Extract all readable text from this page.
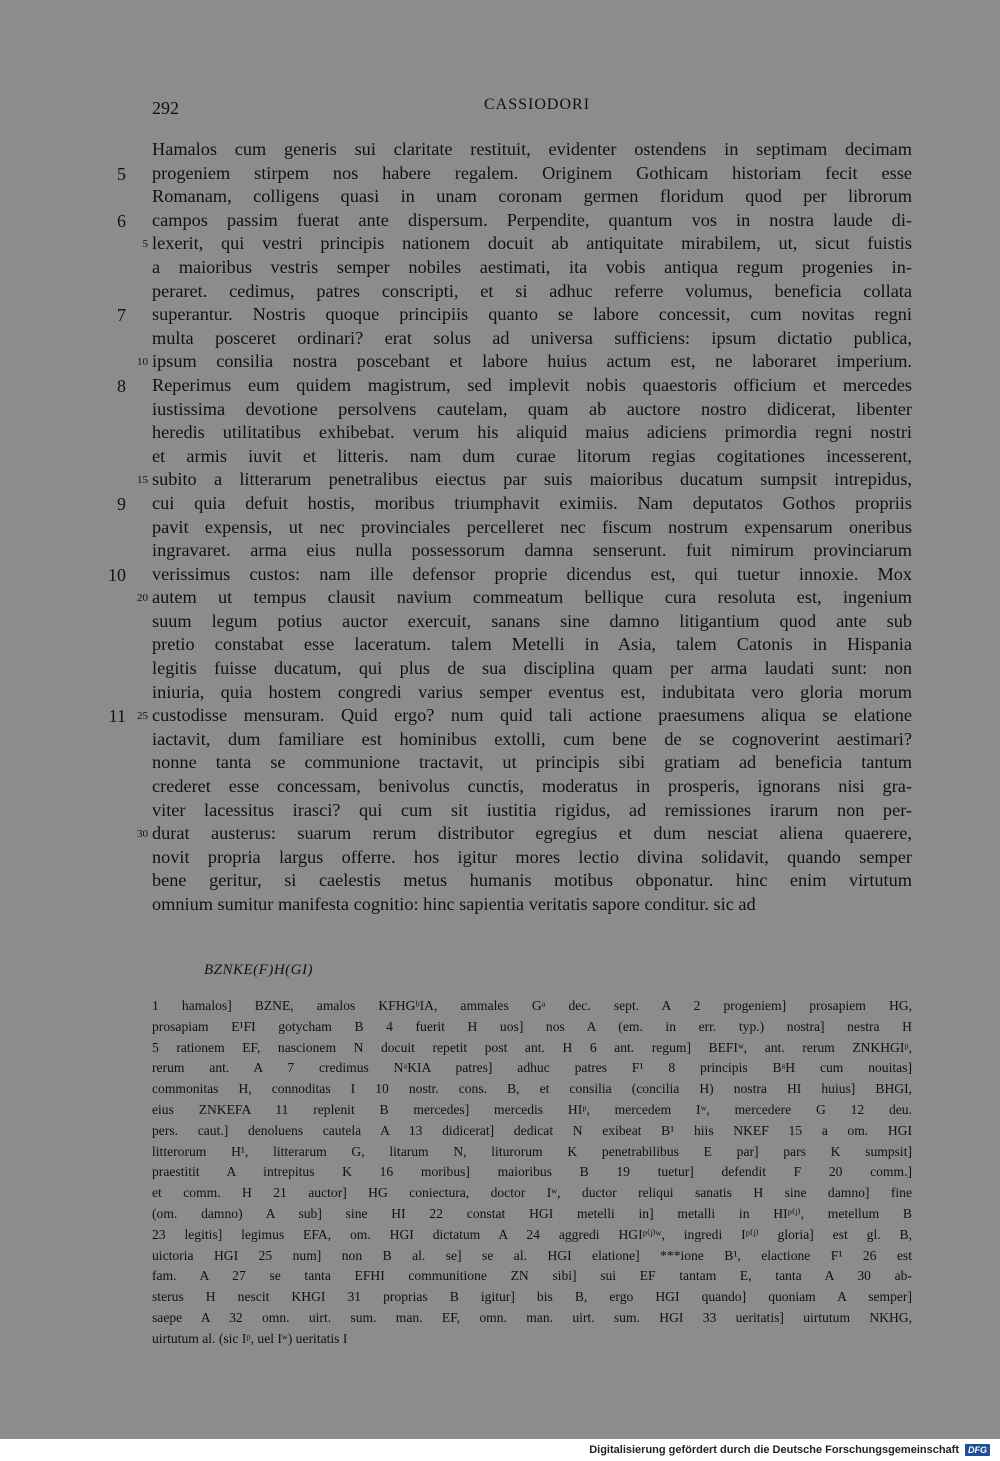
292	CASSIODORI
Hamalos cum generis sui claritate restituit, evidenter ostendens in septimam decimam
progeniem stirpem nos habere regalem. Originem Gothicam historiam fecit esse
Romanam, colligens quasi in unam coronam germen floridum quod per librorum
campos passim fuerat ante dispersum. Perpendite, quantum vos in nostra laude di-
lexerit, qui vestri principis nationem docuit ab antiquitate mirabilem, ut, sicut fuistis
a maioribus vestris semper nobiles aestimati, ita vobis antiqua regum progenies in-
peraret. cedimus, patres conscripti, et si adhuc referre volumus, beneficia collata
superantur. Nostris quoque principiis quanto se labore concessit, cum novitas regni
multa posceret ordinari? erat solus ad universa sufficiens: ipsum dictatio publica,
ipsum consilia nostra poscebant et labore huius actum est, ne laboraret imperium.
Reperimus eum quidem magistrum, sed implevit nobis quaestoris officium et mercedes
iustissima devotione persolvens cautelam, quam ab auctore nostro didicerat, libenter
heredis utilitatibus exhibebat. verum his aliquid maius adiciens primordia regni nostri
et armis iuvit et litteris. nam dum curae litorum regias cogitationes incesserent,
subito a litterarum penetralibus eiectus par suis maioribus ducatum sumpsit intrepidus,
cui quia defuit hostis, moribus triumphavit eximiis. Nam deputatos Gothos propriis
pavit expensis, ut nec provinciales percelleret nec fiscum nostrum expensarum oneribus
ingravaret. arma eius nulla possessorum damna senserunt. fuit nimirum provinciarum
verissimus custos: nam ille defensor proprie dicendus est, qui tuetur innoxie. Mox
autem ut tempus clausit navium commeatum bellique cura resoluta est, ingenium
suum legum potius auctor exercuit, sanans sine damno litigantium quod ante sub
pretio constabat esse laceratum. talem Metelli in Asia, talem Catonis in Hispania
legitis fuisse ducatum, qui plus de sua disciplina quam per arma laudati sunt: non
iniuria, quia hostem congredi varius semper eventus est, indubitata vero gloria morum
custodisse mensuram. Quid ergo? num quid tali actione praesumens aliqua se elatione
iactavit, dum familiare est hominibus extolli, cum bene de se cognoverint aestimari?
nonne tanta se communione tractavit, ut principis sibi gratiam ad beneficia tantum
crederet esse concessam, benivolus cunctis, moderatus in prosperis, ignorans nisi gra-
viter lacessitus irasci? qui cum sit iustitia rigidus, ad remissiones irarum non per-
durat austerus: suarum rerum distributor egregius et dum nesciat aliena quaerere,
novit propria largus offerre. hos igitur mores lectio divina solidavit, quando semper
bene geritur, si caelestis metus humanis motibus obponatur. hinc enim virtutum
omnium sumitur manifesta cognitio: hinc sapientia veritatis sapore conditur. sic ad
5
6
7
8
9
10
11
5
10
15
20
25
30
BZNKE(F)H(GI)
1 hamalos] BZNE, amalos KFHGᵇIA, ammales Gᵃ dec. sept. A 2 progeniem] prosapiem HG,
prosapiam E¹FI gotycham B 4 fuerit H uos] nos A (em. in err. typ.) nostra] nestra H
5 rationem EF, nascionem N docuit repetit post ant. H 6 ant. regum] BEFIʷ, ant. rerum ZNKHGIᵖ,
rerum ant. A 7 credimus NᵃKIA patres] adhuc patres F¹ 8 principis BᵃH cum nouitas]
commonitas H, connoditas I 10 nostr. cons. B, et consilia (concilia H) nostra HI huius] BHGI,
eius ZNKEFA 11 replenit B mercedes] mercedis HIᵖ, mercedem Iʷ, mercedere G 12 deu.
pers. caut.] denoluens cautela A 13 didicerat] dedicat N exibeat B¹ hiis NKEF 15 a om. HGI
litterorum H¹, litterarum G, litarum N, liturorum K penetrabilibus E par] pars K sumpsit]
praestitit A intrepitus K 16 moribus] maioribus B 19 tuetur] defendit F 20 comm.]
et comm. H 21 auctor] HG coniectura, doctor Iʷ, ductor reliqui sanatis H sine damno] fine
(om. damno) A sub] sine HI 22 constat HGI metelli in] metalli in HIᵖ⁽ʲ⁾, metellum B
23 legitis] legimus EFA, om. HGI dictatum A 24 aggredi HGIᵖ⁽ʲ⁾ʷ, ingredi Iᵖ⁽ʲ⁾ gloria] est gl. B,
uictoria HGI 25 num] non B al. se] se al. HGI elatione] ***ione B¹, elactione F¹ 26 est
fam. A 27 se tanta EFHI communitione ZN sibi] sui EF tantam E, tanta A 30 ab-
sterus H nescit KHGI 31 proprias B igitur] bis B, ergo HGI quando] quoniam A semper]
saepe A 32 omn. uirt. sum. man. EF, omn. man. uirt. sum. HGI 33 ueritatis] uirtutum NKHG,
uirtutum al. (sic Iᵖ, uel Iʷ) ueritatis I
Digitalisierung gefördert durch die Deutsche Forschungsgemeinschaft	DFG
